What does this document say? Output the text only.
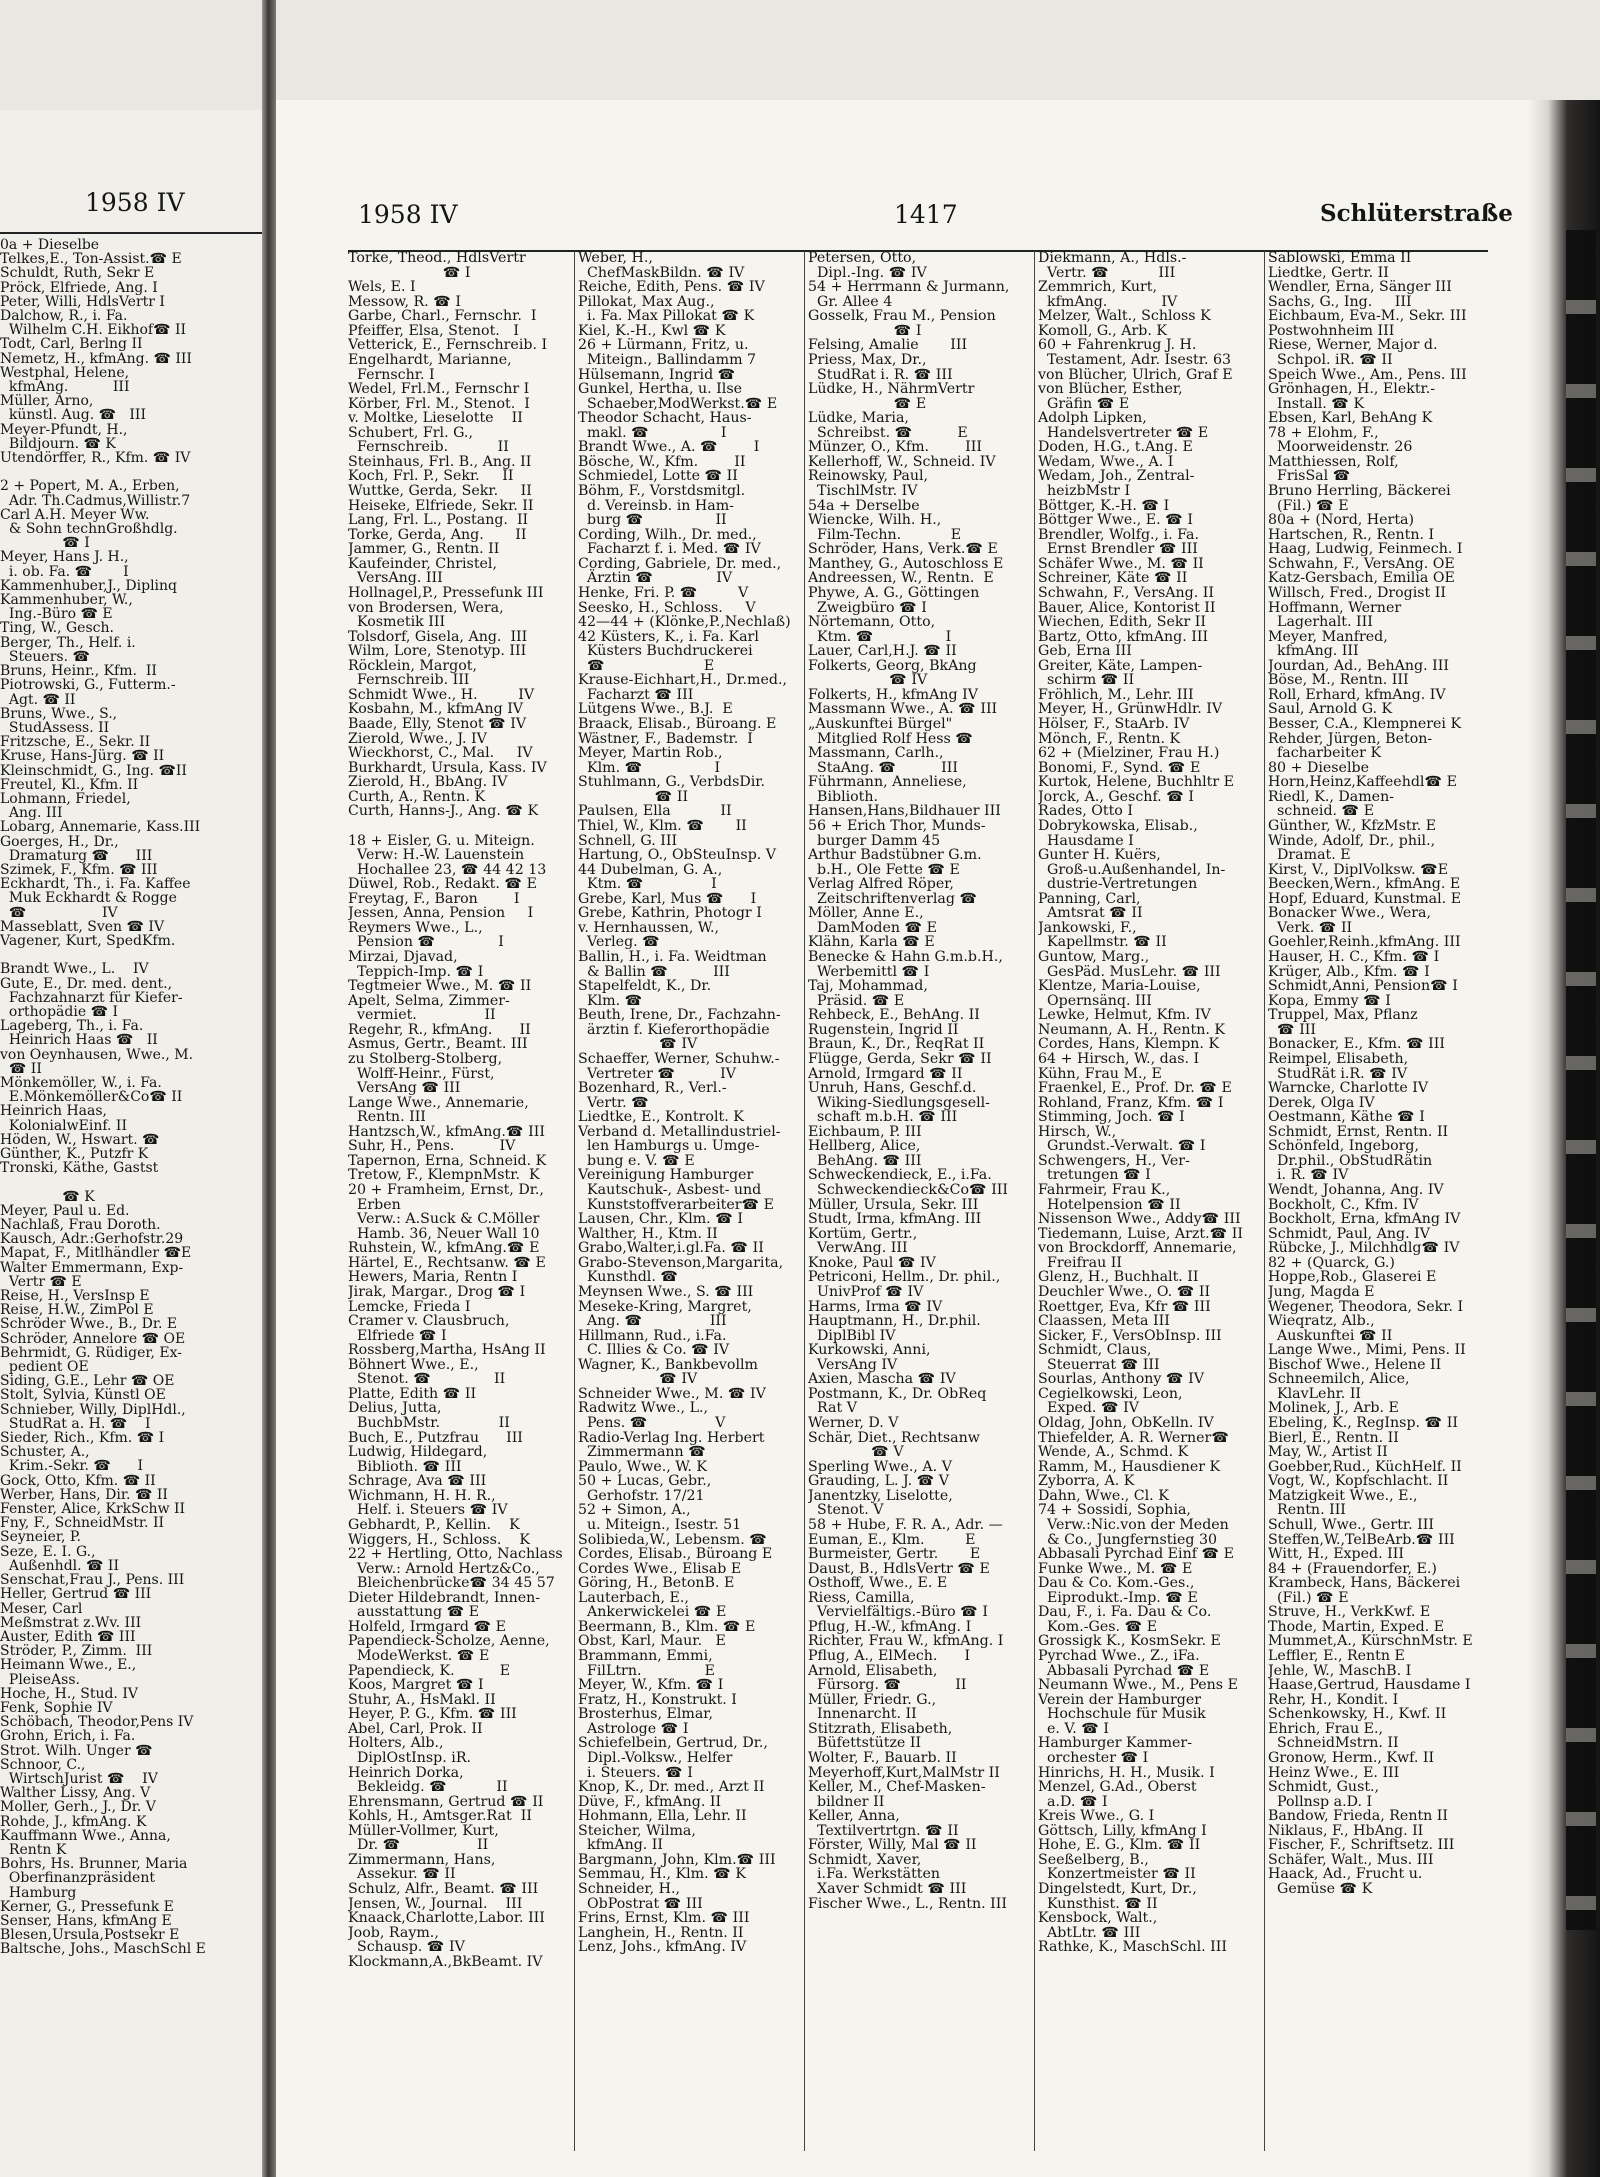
1958 IV
0a + Dieselbe
Telkes,E., Ton-Assist.☎ E
Schuldt, Ruth, Sekr E
Pröck, Elfriede, Ang. I
Peter, Willi, HdlsVertr I
Dalchow, R., i. Fa.
Wilhelm C.H. Eikhof☎ II
Todt, Carl, Berlng II
Nemetz, H., kfmAng. ☎ III
Westphal, Helene,
kfmAng.          III
Müller, Arno,
künstl. Aug. ☎   III
Meyer-Pfundt, H.,
Bildjourn. ☎ K
Utendörffer, R., Kfm. ☎ IV

2 + Popert, M. A., Erben,
Adr. Th.Cadmus,Willistr.7
Carl A.H. Meyer Ww.
& Sohn technGroßhdlg.
☎ I
Meyer, Hans J. H.,
i. ob. Fa. ☎       I
Kammenhuber,J., Diplinq
Kammenhuber, W.,
Ing.-Büro ☎ E
Ting, W., Gesch.
Berger, Th., Helf. i.
Steuers. ☎
Bruns, Heinr., Kfm.  II
Piotrowski, G., Futterm.-
Agt. ☎ II
Bruns, Wwe., S.,
StudAssess. II
Fritzsche, E., Sekr. II
Kruse, Hans-Jürg. ☎ II
Kleinschmidt, G., Ing. ☎II
Freutel, Kl., Kfm. II
Lohmann, Friedel,
Ang. III
Lobarg, Annemarie, Kass.III
Goerges, H., Dr.,
Dramaturg ☎      III
Szimek, F., Kfm. ☎ III
Eckhardt, Th., i. Fa. Kaffee
Muk Eckhardt & Rogge
☎                 IV
Masseblatt, Sven ☎ IV
Vagener, Kurt, SpedKfm.

Brandt Wwe., L.    IV
Gute, E., Dr. med. dent.,
Fachzahnarzt für Kiefer-
orthopädie ☎ I
Lageberg, Th., i. Fa.
Heinrich Haas ☎   II
von Oeynhausen, Wwe., M.
☎ II
Mönkemöller, W., i. Fa.
E.Mönkemöller&Co☎ II
Heinrich Haas,
KolonialwEinf. II
Höden, W., Hswart. ☎
Günther, K., Putzfr K
Tronski, Käthe, Gastst

☎ K
Meyer, Paul u. Ed.
Nachlaß, Frau Doroth.
Kausch, Adr.:Gerhofstr.29
Mapat, F., Mitlhändler ☎E
Walter Emmermann, Exp-
Vertr ☎ E
Reise, H., VersInsp E
Reise, H.W., ZimPol E
Schröder Wwe., B., Dr. E
Schröder, Annelore ☎ OE
Behrmidt, G. Rüdiger, Ex-
pedient OE
Siding, G.E., Lehr ☎ OE
Stolt, Sylvia, Künstl OE
Schnieber, Willy, DiplHdl.,
StudRat a. H. ☎    I
Sieder, Rich., Kfm. ☎ I
Schuster, A.,
Krim.-Sekr. ☎      I
Gock, Otto, Kfm. ☎ II
Werber, Hans, Dir. ☎ II
Fenster, Alice, KrkSchw II
Fny, F., SchneidMstr. II
Seyneier, P.
Seze, E. I. G.,
Außenhdl. ☎ II
Senschat,Frau J., Pens. III
Heller, Gertrud ☎ III
Meser, Carl
Meßmstrat z.Wv. III
Auster, Edith ☎ III
Ströder, P., Zimm.  III
Heimann Wwe., E.,
PleiseAss.
Hoche, H., Stud. IV
Fenk, Sophie IV
Schöbach, Theodor,Pens IV
Grohn, Erich, i. Fa.
Strot. Wilh. Unger ☎
Schnoor, C.,
WirtschJurist ☎    IV
Walther Lissy, Ang. V
Moller, Gerh., J., Dr. V
Rohde, J., kfmAng. K
Kauffmann Wwe., Anna,
Rentn K
Bohrs, Hs. Brunner, Maria
Oberfinanzpräsident
Hamburg
Kerner, G., Pressefunk E
Senser, Hans, kfmAng E
Blesen,Ursula,Postsekr E
Baltsche, Johs., MaschSchl E
1958 IV	1417	Schlüterstraße
Torke, Theod., HdlsVertr
☎ I
Wels, E. I
Messow, R. ☎ I
Garbe, Charl., Fernschr.  I
Pfeiffer, Elsa, Stenot.   I
Vetterick, E., Fernschreib. I
Engelhardt, Marianne,
Fernschr. I
Wedel, Frl.M., Fernschr I
Körber, Frl. M., Stenot.  I
v. Moltke, Lieselotte    II
Schubert, Frl. G.,
Fernschreib.           II
Steinhaus, Frl. B., Ang. II
Koch, Frl. P., Sekr.     II
Wuttke, Gerda, Sekr.     II
Heiseke, Elfriede, Sekr. II
Lang, Frl. L., Postang.  II
Torke, Gerda, Ang.       II
Jammer, G., Rentn. II
Kaufeinder, Christel,
VersAng. III
Hollnagel,P., Pressefunk III
von Brodersen, Wera,
Kosmetik III
Tolsdorf, Gisela, Ang.  III
Wilm, Lore, Stenotyp. III
Röcklein, Margot,
Fernschreib. III
Schmidt Wwe., H.         IV
Kosbahn, M., kfmAng IV
Baade, Elly, Stenot ☎ IV
Zierold, Wwe., J. IV
Wieckhorst, C., Mal.     IV
Burkhardt, Ursula, Kass. IV
Zierold, H., BbAng. IV
Curth, A., Rentn. K
Curth, Hanns-J., Ang. ☎ K

18 + Eisler, G. u. Miteign.
Verw: H.-W. Lauenstein
Hochallee 23, ☎ 44 42 13
Düwel, Rob., Redakt. ☎ E
Freytag, F., Baron        I
Jessen, Anna, Pension     I
Reymers Wwe., L.,
Pension ☎              I
Mirzai, Djavad,
Teppich-Imp. ☎ I
Tegtmeier Wwe., M. ☎ II
Apelt, Selma, Zimmer-
vermiet.               II
Regehr, R., kfmAng.      II
Asmus, Gertr., Beamt. III
zu Stolberg-Stolberg,
Wolff-Heinr., Fürst,
VersAng ☎ III
Lange Wwe., Annemarie,
Rentn. III
Hantzsch,W., kfmAng.☎ III
Suhr, H., Pens.          IV
Tapernon, Erna, Schneid. K
Tretow, F., KlempnMstr.  K
20 + Framheim, Ernst, Dr.,
Erben
Verw.: A.Suck & C.Möller
Hamb. 36, Neuer Wall 10
Ruhstein, W., kfmAng.☎ E
Härtel, E., Rechtsanw. ☎ E
Hewers, Maria, Rentn I
Jirak, Margar., Drog ☎ I
Lemcke, Frieda I
Cramer v. Clausbruch,
Elfriede ☎ I
Rossberg,Martha, HsAng II
Böhnert Wwe., E.,
Stenot. ☎              II
Platte, Edith ☎ II
Delius, Jutta,
BuchbMstr.             II
Buch, E., Putzfrau      III
Ludwig, Hildegard,
Biblioth. ☎ III
Schrage, Ava ☎ III
Wichmann, H. H. R.,
Helf. i. Steuers ☎ IV
Gebhardt, P., Kellin.    K
Wiggers, H., Schloss.    K
22 + Hertling, Otto, Nachlass
Verw.: Arnold Hertz&Co.,
Bleichenbrücke☎ 34 45 57
Dieter Hildebrandt, Innen-
ausstattung ☎ E
Holfeld, Irmgard ☎ E
Papendieck-Scholze, Aenne,
ModeWerkst. ☎ E
Papendieck, K.          E
Koos, Margret ☎ I
Stuhr, A., HsMakl. II
Heyer, P. G., Kfm. ☎ III
Abel, Carl, Prok. II
Holters, Alb.,
DiplOstInsp. iR.
Heinrich Dorka,
Bekleidg. ☎           II
Ehrensmann, Gertrud ☎ II
Kohls, H., Amtsger.Rat  II
Müller-Vollmer, Kurt,
Dr. ☎                 II
Zimmermann, Hans,
Assekur. ☎ II
Schulz, Alfr., Beamt. ☎ III
Jensen, W., Journal.    III
Knaack,Charlotte,Labor. III
Joob, Raym.,
Schausp. ☎ IV
Klockmann,A.,BkBeamt. IV
Weber, H.,
ChefMaskBildn. ☎ IV
Reiche, Edith, Pens. ☎ IV
Pillokat, Max Aug.,
i. Fa. Max Pillokat ☎ K
Kiel, K.-H., Kwl ☎ K
26 + Lürmann, Fritz, u.
Miteign., Ballindamm 7
Hülsemann, Ingrid ☎
Gunkel, Hertha, u. Ilse
Schaeber,ModWerkst.☎ E
Theodor Schacht, Haus-
makl. ☎                I
Brandt Wwe., A. ☎        I
Bösche, W., Kfm.        II
Schmiedel, Lotte ☎ II
Böhm, F., Vorstdsmitgl.
d. Vereinsb. in Ham-
burg ☎                II
Cording, Wilh., Dr. med.,
Facharzt f. i. Med. ☎ IV
Cording, Gabriele, Dr. med.,
Ärztin ☎              IV
Henke, Fri. P. ☎         V
Seesko, H., Schloss.     V
42—44 + (Klönke,P.,Nechlaß)
42 Küsters, K., i. Fa. Karl
Küsters Buchdruckerei
☎                      E
Krause-Eichhart,H., Dr.med.,
Facharzt ☎ III
Lütgens Wwe., B.J.  E
Braack, Elisab., Büroang. E
Wästner, F., Bademstr.  I
Meyer, Martin Rob.,
Klm. ☎                I
Stuhlmann, G., VerbdsDir.
☎ II
Paulsen, Ella           II
Thiel, W., Klm. ☎       II
Schnell, G. III
Hartung, O., ObSteuInsp. V
44 Dubelman, G. A.,
Ktm. ☎               I
Grebe, Karl, Mus ☎      I
Grebe, Kathrin, Photogr I
v. Hernhaussen, W.,
Verleg. ☎
Ballin, H., i. Fa. Weidtman
& Ballin ☎          III
Stapelfeldt, K., Dr.
Klm. ☎
Beuth, Irene, Dr., Fachzahn-
ärztin f. Kieferorthopädie
☎ IV
Schaeffer, Werner, Schuhw.-
Vertreter ☎          IV
Bozenhard, R., Verl.-
Vertr. ☎
Liedtke, E., Kontrolt. K
Verband d. Metallindustriel-
len Hamburgs u. Umge-
bung e. V. ☎ E
Vereinigung Hamburger
Kautschuk-, Asbest- und
Kunststoffverarbeiter☎ E
Lausen, Chr., Klm. ☎ I
Walther, H., Ktm. II
Grabo,Walter,i.gl.Fa. ☎ II
Grabo-Stevenson,Margarita,
Kunsthdl. ☎
Meynsen Wwe., S. ☎ III
Meseke-Kring, Margret,
Ang. ☎               III
Hillmann, Rud., i.Fa.
C. Illies & Co. ☎ IV
Wagner, K., Bankbevollm
☎ IV
Schneider Wwe., M. ☎ IV
Radwitz Wwe., L.,
Pens. ☎               V
Radio-Verlag Ing. Herbert
Zimmermann ☎
Paulo, Wwe., W. K
50 + Lucas, Gebr.,
Gerhofstr. 17/21
52 + Simon, A.,
u. Miteign., Isestr. 51
Solibieda,W., Lebensm. ☎
Cordes, Elisab., Büroang E
Cordes Wwe., Elisab E
Göring, H., BetonB. E
Lauterbach, E.,
Ankerwickelei ☎ E
Beermann, B., Klm. ☎ E
Obst, Karl, Maur.   E
Brammann, Emmi,
FilLtrn.              E
Meyer, W., Kfm. ☎ I
Fratz, H., Konstrukt. I
Brosterhus, Elmar,
Astrologe ☎ I
Schiefelbein, Gertrud, Dr.,
Dipl.-Volksw., Helfer
i. Steuers. ☎ I
Knop, K., Dr. med., Arzt II
Düve, F., kfmAng. II
Hohmann, Ella, Lehr. II
Steicher, Wilma,
kfmAng. II
Bargmann, John, Klm.☎ III
Semmau, H., Klm. ☎ K
Schneider, H.,
ObPostrat ☎ III
Frins, Ernst, Klm. ☎ III
Langhein, H., Rentn. II
Lenz, Johs., kfmAng. IV
Petersen, Otto,
Dipl.-Ing. ☎ IV
54 + Herrmann & Jurmann,
Gr. Allee 4
Gosselk, Frau M., Pension
☎ I
Felsing, Amalie       III
Priess, Max, Dr.,
StudRat i. R. ☎ III
Lüdke, H., NährmVertr
☎ E
Lüdke, Maria,
Schreibst. ☎          E
Münzer, O., Kfm.        III
Kellerhoff, W., Schneid. IV
Reinowsky, Paul,
TischlMstr. IV
54a + Derselbe
Wiencke, Wilh. H.,
Film-Techn.           E
Schröder, Hans, Verk.☎ E
Manthey, G., Autoschloss E
Andreessen, W., Rentn.  E
Phywe, A. G., Göttingen
Zweigbüro ☎ I
Nörtemann, Otto,
Ktm. ☎                I
Lauer, Carl,H.J. ☎ II
Folkerts, Georg, BkAng
☎ IV
Folkerts, H., kfmAng IV
Massmann Wwe., A. ☎ III
„Auskunftei Bürgel"
Mitglied Rolf Hess ☎
Massmann, Carlh.,
StaAng. ☎          III
Führmann, Anneliese,
Biblioth.
Hansen,Hans,Bildhauer III
56 + Erich Thor, Munds-
burger Damm 45
Arthur Badstübner G.m.
b.H., Ole Fette ☎ E
Verlag Alfred Röper,
Zeitschriftenverlag ☎
Möller, Anne E.,
DamModen ☎ E
Klähn, Karla ☎ E
Benecke & Hahn G.m.b.H.,
Werbemittl ☎ I
Taj, Mohammad,
Präsid. ☎ E
Rehbeck, E., BehAng. II
Rugenstein, Ingrid II
Braun, K., Dr., ReqRat II
Flügge, Gerda, Sekr ☎ II
Arnold, Irmgard ☎ II
Unruh, Hans, Geschf.d.
Wiking-Siedlungsgesell-
schaft m.b.H. ☎ III
Eichbaum, P. III
Hellberg, Alice,
BehAng. ☎ III
Schweckendieck, E., i.Fa.
Schweckendieck&Co☎ III
Müller, Ursula, Sekr. III
Studt, Irma, kfmAng. III
Kortüm, Gertr.,
VerwAng. III
Knoke, Paul ☎ IV
Petriconi, Hellm., Dr. phil.,
UnivProf ☎ IV
Harms, Irma ☎ IV
Hauptmann, H., Dr.phil.
DiplBibl IV
Kurkowski, Anni,
VersAng IV
Axien, Mascha ☎ IV
Postmann, K., Dr. ObReq
Rat V
Werner, D. V
Schär, Diet., Rechtsanw
☎ V
Sperling Wwe., A. V
Grauding, L. J. ☎ V
Janentzky, Liselotte,
Stenot. V
58 + Hube, F. R. A., Adr. —
Euman, E., Klm.         E
Burmeister, Gertr.       E
Daust, B., HdlsVertr ☎ E
Osthoff, Wwe., E. E
Riess, Camilla,
Vervielfältigs.-Büro ☎ I
Pflug, H.-W., kfmAng. I
Richter, Frau W., kfmAng. I
Pflug, A., ElMech.      I
Arnold, Elisabeth,
Fürsorg. ☎            II
Müller, Friedr. G.,
Innenarcht. II
Stitzrath, Elisabeth,
Büfettstütze II
Wolter, F., Bauarb. II
Meyerhoff,Kurt,MalMstr II
Keller, M., Chef-Masken-
bildner II
Keller, Anna,
Textilvertrtgn. ☎ II
Förster, Willy, Mal ☎ II
Schmidt, Xaver,
i.Fa. Werkstätten
Xaver Schmidt ☎ III
Fischer Wwe., L., Rentn. III
Diekmann, A., Hdls.-
Vertr. ☎           III
Zemmrich, Kurt,
kfmAng.            IV
Melzer, Walt., Schloss K
Komoll, G., Arb. K
60 + Fahrenkrug J. H.
Testament, Adr. Isestr. 63
von Blücher, Ulrich, Graf E
von Blücher, Esther,
Gräfin ☎ E
Adolph Lipken,
Handelsvertreter ☎ E
Doden, H.G., t.Ang. E
Wedam, Wwe., A. I
Wedam, Joh., Zentral-
heizbMstr I
Böttger, K.-H. ☎ I
Böttger Wwe., E. ☎ I
Brendler, Wolfg., i. Fa.
Ernst Brendler ☎ III
Schäfer Wwe., M. ☎ II
Schreiner, Käte ☎ II
Schwahn, F., VersAng. II
Bauer, Alice, Kontorist II
Wiechen, Edith, Sekr II
Bartz, Otto, kfmAng. III
Geb, Erna III
Greiter, Käte, Lampen-
schirm ☎ II
Fröhlich, M., Lehr. III
Meyer, H., GrünwHdlr. IV
Hölser, F., StaArb. IV
Mönch, F., Rentn. K
62 + (Mielziner, Frau H.)
Bonomi, F., Synd. ☎ E
Kurtok, Helene, Buchhltr E
Jorck, A., Geschf. ☎ I
Rades, Otto I
Dobrykowska, Elisab.,
Hausdame I
Gunter H. Kuërs,
Groß-u.Außenhandel, In-
dustrie-Vertretungen
Panning, Carl,
Amtsrat ☎ II
Jankowski, F.,
Kapellmstr. ☎ II
Guntow, Marg.,
GesPäd. MusLehr. ☎ III
Klentze, Maria-Louise,
Opernsänq. III
Lewke, Helmut, Kfm. IV
Neumann, A. H., Rentn. K
Cordes, Hans, Klempn. K
64 + Hirsch, W., das. I
Kühn, Frau M., E
Fraenkel, E., Prof. Dr. ☎ E
Rohland, Franz, Kfm. ☎ I
Stimming, Joch. ☎ I
Hirsch, W.,
Grundst.-Verwalt. ☎ I
Schwengers, H., Ver-
tretungen ☎ I
Fahrmeir, Frau K.,
Hotelpension ☎ II
Nissenson Wwe., Addy☎ III
Tiedemann, Luise, Arzt.☎ II
von Brockdorff, Annemarie,
Freifrau II
Glenz, H., Buchhalt. II
Deuchler Wwe., O. ☎ II
Roettger, Eva, Kfr ☎ III
Claassen, Meta III
Sicker, F., VersObInsp. III
Schmidt, Claus,
Steuerrat ☎ III
Sourlas, Anthony ☎ IV
Cegielkowski, Leon,
Exped. ☎ IV
Oldag, John, ObKelln. IV
Thiefelder, A. R. Werner☎
Wende, A., Schmd. K
Ramm, M., Hausdiener K
Zyborra, A. K
Dahn, Wwe., Cl. K
74 + Sossidi, Sophia,
Verw.:Nic.von der Meden
& Co., Jungfernstieg 30
Abbasali Pyrchad Einf ☎ E
Funke Wwe., M. ☎ E
Dau & Co. Kom.-Ges.,
Eiprodukt.-Imp. ☎ E
Dau, F., i. Fa. Dau & Co.
Kom.-Ges. ☎ E
Grossigk K., KosmSekr. E
Pyrchad Wwe., Z., iFa.
Abbasali Pyrchad ☎ E
Neumann Wwe., M., Pens E
Verein der Hamburger
Hochschule für Musik
e. V. ☎ I
Hamburger Kammer-
orchester ☎ I
Hinrichs, H. H., Musik. I
Menzel, G.Ad., Oberst
a.D. ☎ I
Kreis Wwe., G. I
Göttsch, Lilly, kfmAng I
Hohe, E. G., Klm. ☎ II
Seeßelberg, B.,
Konzertmeister ☎ II
Dingelstedt, Kurt, Dr.,
Kunsthist. ☎ II
Kensbock, Walt.,
AbtLtr. ☎ III
Rathke, K., MaschSchl. III
Sablowski, Emma II
Liedtke, Gertr. II
Wendler, Erna, Sänger III
Sachs, G., Ing.     III
Eichbaum, Eva-M., Sekr. III
Postwohnheim III
Riese, Werner, Major d.
Schpol. iR. ☎ II
Speich Wwe., Am., Pens. III
Grönhagen, H., Elektr.-
Install. ☎ K
Ebsen, Karl, BehAng K
78 + Elohm, F.,
Moorweidenstr. 26
Matthiessen, Rolf,
FrisSal ☎
Bruno Herrling, Bäckerei
(Fil.) ☎ E
80a + (Nord, Herta)
Hartschen, R., Rentn. I
Haag, Ludwig, Feinmech. I
Schwahn, F., VersAng. OE
Katz-Gersbach, Emilia OE
Willsch, Fred., Drogist II
Hoffmann, Werner
Lagerhalt. III
Meyer, Manfred,
kfmAng. III
Jourdan, Ad., BehAng. III
Böse, M., Rentn. III
Roll, Erhard, kfmAng. IV
Saul, Arnold G. K
Besser, C.A., Klempnerei K
Rehder, Jürgen, Beton-
facharbeiter K
80 + Dieselbe
Horn,Heinz,Kaffeehdl☎ E
Riedl, K., Damen-
schneid. ☎ E
Günther, W., KfzMstr. E
Winde, Adolf, Dr., phil.,
Dramat. E
Kirst, V., DiplVolksw. ☎E
Beecken,Wern., kfmAng. E
Hopf, Eduard, Kunstmal. E
Bonacker Wwe., Wera,
Verk. ☎ II
Goehler,Reinh.,kfmAng. III
Hauser, H. C., Kfm. ☎ I
Krüger, Alb., Kfm. ☎ I
Schmidt,Anni, Pension☎ I
Kopa, Emmy ☎ I
Truppel, Max, Pflanz
☎ III
Bonacker, E., Kfm. ☎ III
Reimpel, Elisabeth,
StudRät i.R. ☎ IV
Warncke, Charlotte IV
Derek, Olga IV
Oestmann, Käthe ☎ I
Schmidt, Ernst, Rentn. II
Schönfeld, Ingeborg,
Dr.phil., ObStudRätin
i. R. ☎ IV
Wendt, Johanna, Ang. IV
Bockholt, C., Kfm. IV
Bockholt, Erna, kfmAng IV
Schmidt, Paul, Ang. IV
Rübcke, J., Milchhdlg☎ IV
82 + (Quarck, G.)
Hoppe,Rob., Glaserei E
Jung, Magda E
Wegener, Theodora, Sekr. I
Wieqratz, Alb.,
Auskunftei ☎ II
Lange Wwe., Mimi, Pens. II
Bischof Wwe., Helene II
Schneemilch, Alice,
KlavLehr. II
Molinek, J., Arb. E
Ebeling, K., RegInsp. ☎ II
Bierl, E., Rentn. II
May, W., Artist II
Goebber,Rud., KüchHelf. II
Vogt, W., Kopfschlacht. II
Matzigkeit Wwe., E.,
Rentn. III
Schull, Wwe., Gertr. III
Steffen,W.,TelBeArb.☎ III
Witt, H., Exped. III
84 + (Frauendorfer, E.)
Krambeck, Hans, Bäckerei
(Fil.) ☎ E
Struve, H., VerkKwf. E
Thode, Martin, Exped. E
Mummet,A., KürschnMstr. E
Leffler, E., Rentn E
Jehle, W., MaschB. I
Haase,Gertrud, Hausdame I
Rehr, H., Kondit. I
Schenkowsky, H., Kwf. II
Ehrich, Frau E.,
SchneidMstrn. II
Gronow, Herm., Kwf. II
Heinz Wwe., E. III
Schmidt, Gust.,
Pollnsp a.D. I
Bandow, Frieda, Rentn II
Niklaus, F., HbAng. II
Fischer, F., Schriftsetz. III
Schäfer, Walt., Mus. III
Haack, Ad., Frucht u.
Gemüse ☎ K
